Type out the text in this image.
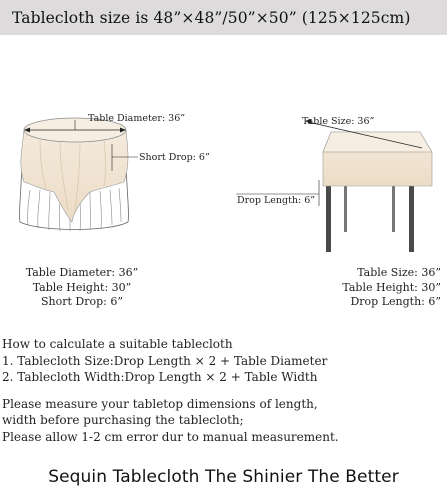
Tablecloth size is 48”×48”/50”×50” (125×125cm)
Table Diameter: 36”
Short Drop: 6”
Table Size: 36”
Drop Length: 6”
Table Diameter: 36”
Table Height: 30”
Short Drop: 6”
Table Size: 36”
Table Height: 30”
Drop Length: 6”
How to calculate a suitable tablecloth
1. Tablecloth Size:Drop Length × 2 + Table Diameter
2. Tablecloth Width:Drop Length × 2 + Table Width
Please measure your tabletop dimensions of length,
width before purchasing the tablecloth;
Please allow 1-2 cm error dur to manual measurement.
Sequin Tablecloth The Shinier The Better
